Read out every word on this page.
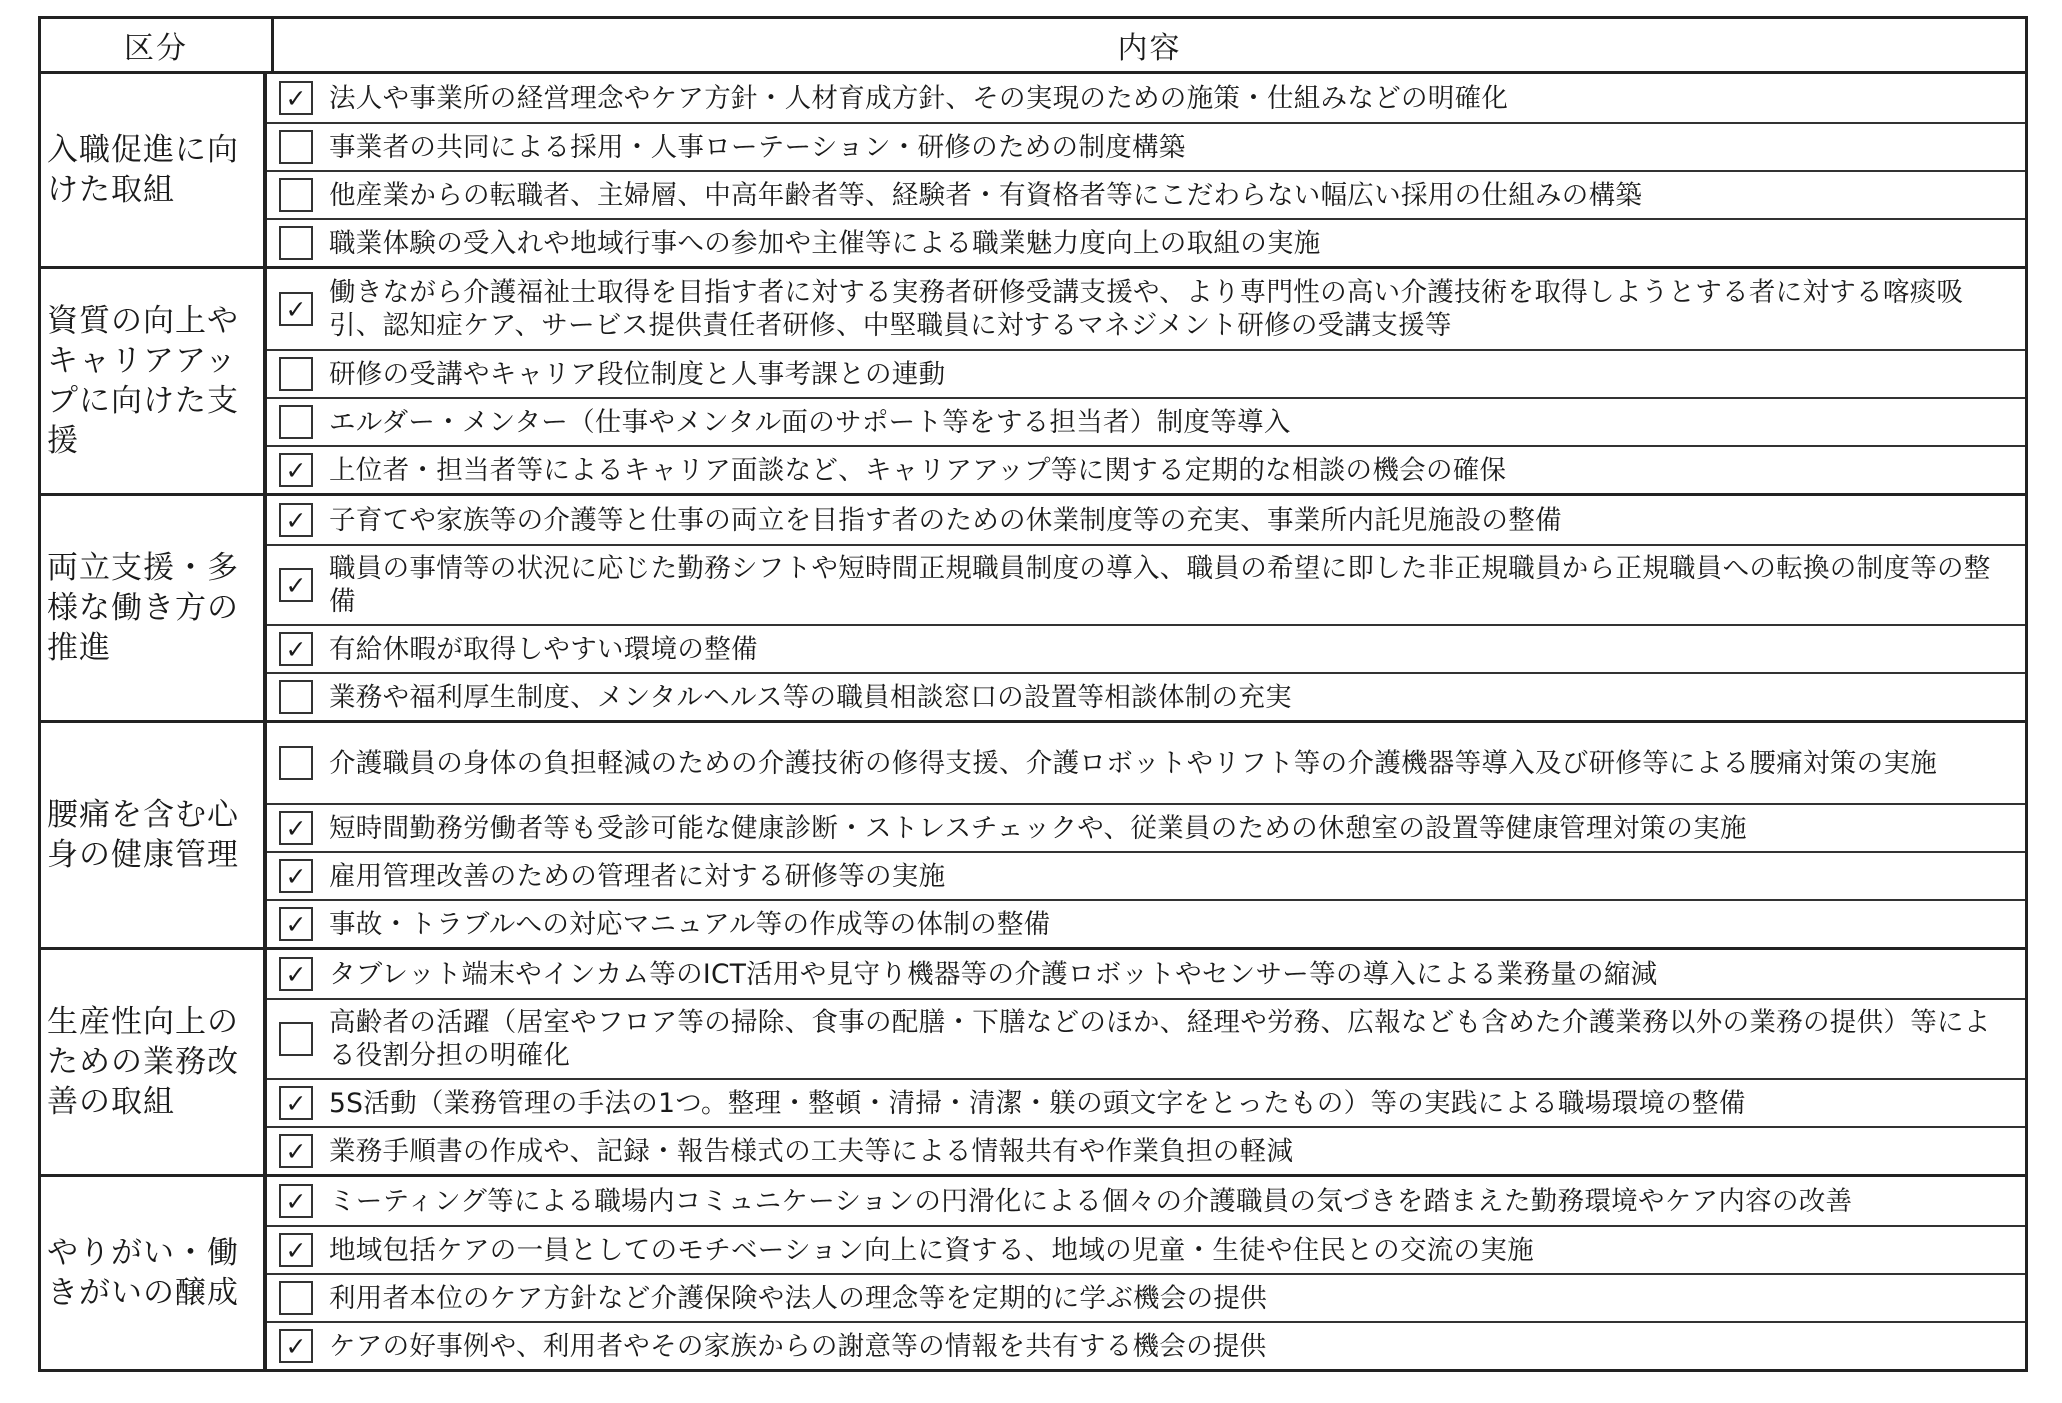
区分	内容
入職促進に向けた取組
✓ 法人や事業所の経営理念やケア方針・人材育成方針、その実現のための施策・仕組みなどの明確化
事業者の共同による採用・人事ローテーション・研修のための制度構築
他産業からの転職者、主婦層、中高年齢者等、経験者・有資格者等にこだわらない幅広い採用の仕組みの構築
職業体験の受入れや地域行事への参加や主催等による職業魅力度向上の取組の実施
資質の向上やキャリアアップに向けた支援
✓
働きながら介護福祉士取得を目指す者に対する実務者研修受講支援や、より専門性の高い介護技術を取得しようとする者に対する喀痰吸引、認知症ケア、サービス提供責任者研修、中堅職員に対するマネジメント研修の受講支援等
研修の受講やキャリア段位制度と人事考課との連動
エルダー・メンター（仕事やメンタル面のサポート等をする担当者）制度等導入
✓ 上位者・担当者等によるキャリア面談など、キャリアアップ等に関する定期的な相談の機会の確保
両立支援・多様な働き方の推進
✓ 子育てや家族等の介護等と仕事の両立を目指す者のための休業制度等の充実、事業所内託児施設の整備
✓
職員の事情等の状況に応じた勤務シフトや短時間正規職員制度の導入、職員の希望に即した非正規職員から正規職員への転換の制度等の整備
✓ 有給休暇が取得しやすい環境の整備
業務や福利厚生制度、メンタルヘルス等の職員相談窓口の設置等相談体制の充実
腰痛を含む心身の健康管理
介護職員の身体の負担軽減のための介護技術の修得支援、介護ロボットやリフト等の介護機器等導入及び研修等による腰痛対策の実施
✓ 短時間勤務労働者等も受診可能な健康診断・ストレスチェックや、従業員のための休憩室の設置等健康管理対策の実施
✓ 雇用管理改善のための管理者に対する研修等の実施
✓ 事故・トラブルへの対応マニュアル等の作成等の体制の整備
生産性向上のための業務改善の取組
✓ タブレット端末やインカム等のICT活用や見守り機器等の介護ロボットやセンサー等の導入による業務量の縮減
高齢者の活躍（居室やフロア等の掃除、食事の配膳・下膳などのほか、経理や労務、広報なども含めた介護業務以外の業務の提供）等による役割分担の明確化
✓ 5S活動（業務管理の手法の1つ。整理・整頓・清掃・清潔・躾の頭文字をとったもの）等の実践による職場環境の整備
✓ 業務手順書の作成や、記録・報告様式の工夫等による情報共有や作業負担の軽減
やりがい・働きがいの醸成
✓ ミーティング等による職場内コミュニケーションの円滑化による個々の介護職員の気づきを踏まえた勤務環境やケア内容の改善
✓ 地域包括ケアの一員としてのモチベーション向上に資する、地域の児童・生徒や住民との交流の実施
利用者本位のケア方針など介護保険や法人の理念等を定期的に学ぶ機会の提供
✓ ケアの好事例や、利用者やその家族からの謝意等の情報を共有する機会の提供
